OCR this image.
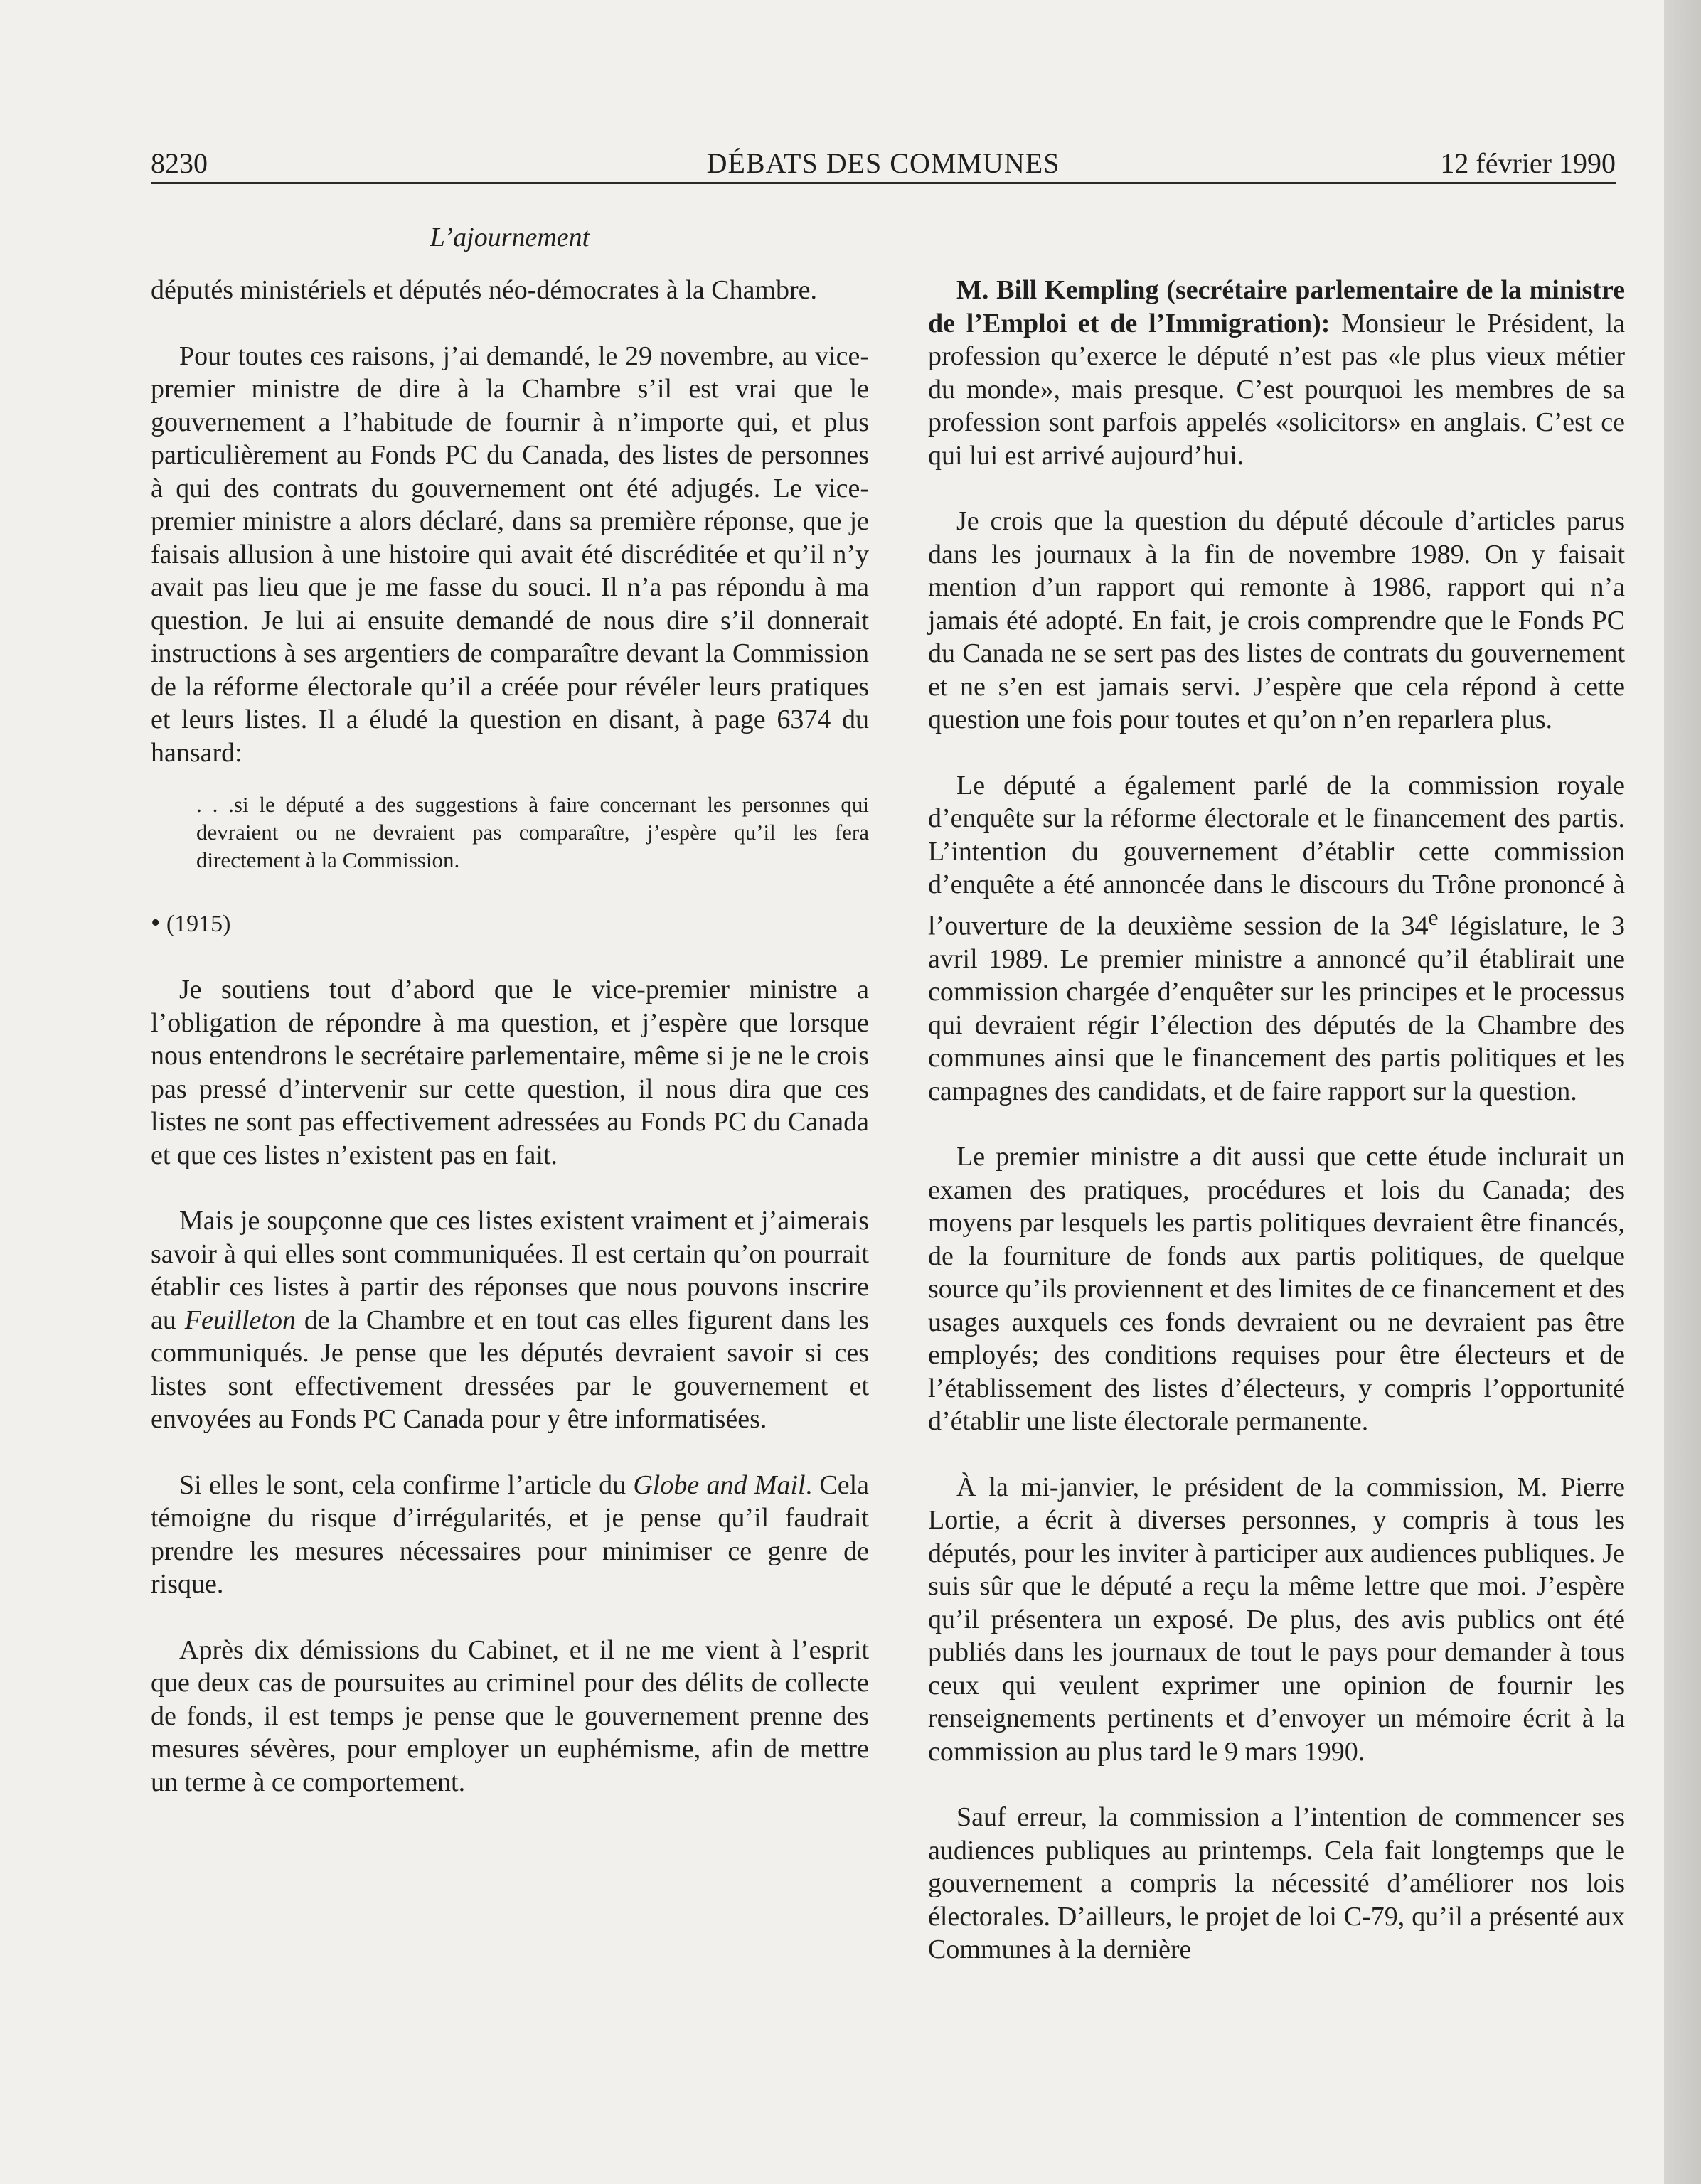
8230	DÉBATS DES COMMUNES	12 février 1990
L’ajournement

députés ministériels et députés néo-démocrates à la Chambre.

Pour toutes ces raisons, j’ai demandé, le 29 novembre, au vice-premier ministre de dire à la Chambre s’il est vrai que le gouvernement a l’habitude de fournir à n’importe qui, et plus particulièrement au Fonds PC du Canada, des listes de personnes à qui des contrats du gouvernement ont été adjugés. Le vice-premier ministre a alors déclaré, dans sa première réponse, que je faisais allusion à une histoire qui avait été discréditée et qu’il n’y avait pas lieu que je me fasse du souci. Il n’a pas répondu à ma question. Je lui ai ensuite demandé de nous dire s’il donnerait instructions à ses argentiers de comparaître devant la Commission de la réforme électorale qu’il a créée pour révéler leurs pratiques et leurs listes. Il a éludé la question en disant, à page 6374 du hansard:

. . .si le député a des suggestions à faire concernant les personnes qui devraient ou ne devraient pas comparaître, j’espère qu’il les fera directement à la Commission.
• (1915)

Je soutiens tout d’abord que le vice-premier ministre a l’obligation de répondre à ma question, et j’espère que lorsque nous entendrons le secrétaire parlementaire, même si je ne le crois pas pressé d’intervenir sur cette question, il nous dira que ces listes ne sont pas effectivement adressées au Fonds PC du Canada et que ces listes n’existent pas en fait.

Mais je soupçonne que ces listes existent vraiment et j’aimerais savoir à qui elles sont communiquées. Il est certain qu’on pourrait établir ces listes à partir des réponses que nous pouvons inscrire au Feuilleton de la Chambre et en tout cas elles figurent dans les communiqués. Je pense que les députés devraient savoir si ces listes sont effectivement dressées par le gouvernement et envoyées au Fonds PC Canada pour y être informatisées.

Si elles le sont, cela confirme l’article du Globe and Mail. Cela témoigne du risque d’irrégularités, et je pense qu’il faudrait prendre les mesures nécessaires pour minimiser ce genre de risque.

Après dix démissions du Cabinet, et il ne me vient à l’esprit que deux cas de poursuites au criminel pour des délits de collecte de fonds, il est temps je pense que le gouvernement prenne des mesures sévères, pour employer un euphémisme, afin de mettre un terme à ce comportement.

M. Bill Kempling (secrétaire parlementaire de la ministre de l’Emploi et de l’Immigration): Monsieur le Président, la profession qu’exerce le député n’est pas «le plus vieux métier du monde», mais presque. C’est pourquoi les membres de sa profession sont parfois appelés «solicitors» en anglais. C’est ce qui lui est arrivé aujourd’hui.

Je crois que la question du député découle d’articles parus dans les journaux à la fin de novembre 1989. On y faisait mention d’un rapport qui remonte à 1986, rapport qui n’a jamais été adopté. En fait, je crois comprendre que le Fonds PC du Canada ne se sert pas des listes de contrats du gouvernement et ne s’en est jamais servi. J’espère que cela répond à cette question une fois pour toutes et qu’on n’en reparlera plus.

Le député a également parlé de la commission royale d’enquête sur la réforme électorale et le financement des partis. L’intention du gouvernement d’établir cette commission d’enquête a été annoncée dans le discours du Trône prononcé à l’ouverture de la deuxième session de la 34e législature, le 3 avril 1989. Le premier ministre a annoncé qu’il établirait une commission chargée d’enquêter sur les principes et le processus qui devraient régir l’élection des députés de la Chambre des communes ainsi que le financement des partis politiques et les campagnes des candidats, et de faire rapport sur la question.

Le premier ministre a dit aussi que cette étude inclurait un examen des pratiques, procédures et lois du Canada; des moyens par lesquels les partis politiques devraient être financés, de la fourniture de fonds aux partis politiques, de quelque source qu’ils proviennent et des limites de ce financement et des usages auxquels ces fonds devraient ou ne devraient pas être employés; des conditions requises pour être électeurs et de l’établissement des listes d’électeurs, y compris l’opportunité d’établir une liste électorale permanente.

À la mi-janvier, le président de la commission, M. Pierre Lortie, a écrit à diverses personnes, y compris à tous les députés, pour les inviter à participer aux audiences publiques. Je suis sûr que le député a reçu la même lettre que moi. J’espère qu’il présentera un exposé. De plus, des avis publics ont été publiés dans les journaux de tout le pays pour demander à tous ceux qui veulent exprimer une opinion de fournir les renseignements pertinents et d’envoyer un mémoire écrit à la commission au plus tard le 9 mars 1990.

Sauf erreur, la commission a l’intention de commencer ses audiences publiques au printemps. Cela fait longtemps que le gouvernement a compris la nécessité d’améliorer nos lois électorales. D’ailleurs, le projet de loi C-79, qu’il a présenté aux Communes à la dernière
